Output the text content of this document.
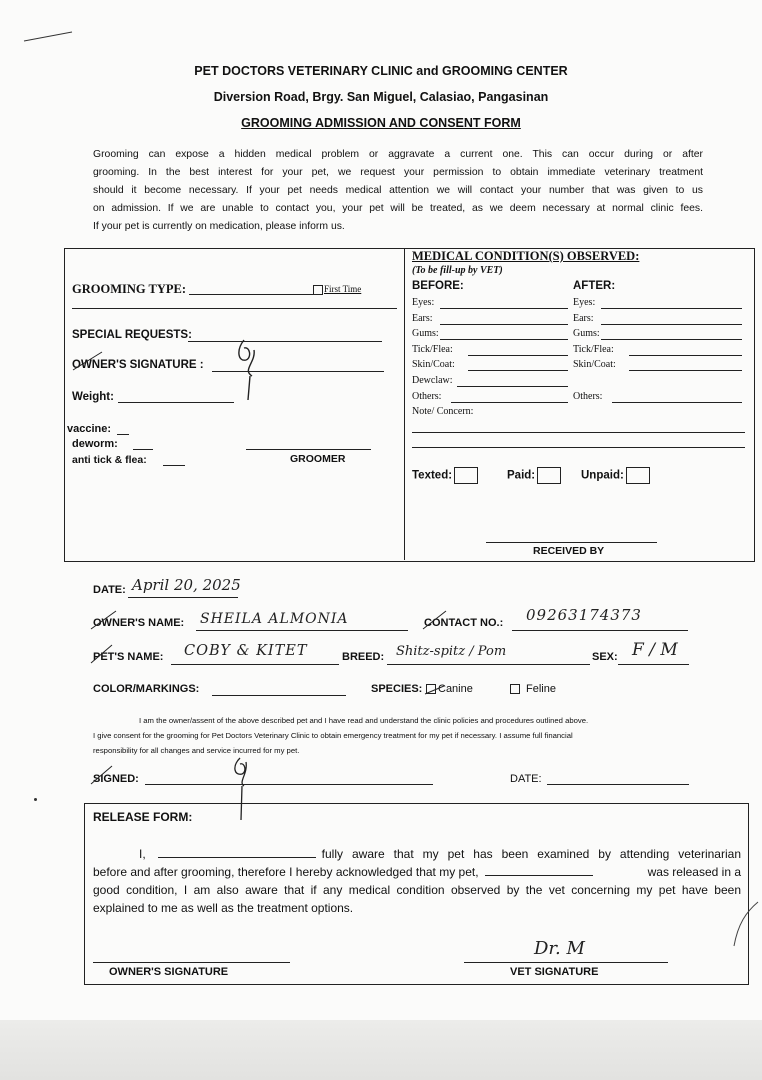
PET DOCTORS VETERINARY CLINIC and GROOMING CENTER
Diversion Road, Brgy. San Miguel, Calasiao, Pangasinan
GROOMING ADMISSION AND CONSENT FORM
Grooming can expose a hidden medical problem or aggravate a current one. This can occur during or after
grooming. In the best interest for your pet, we request your permission to obtain immediate veterinary treatment
should it become necessary. If your pet needs medical attention we will contact your number that was given to us
on admission. If we are unable to contact you, your pet will be treated, as we deem necessary at normal clinic fees.
If your pet is currently on medication, please inform us.
GROOMING TYPE:	First Time
SPECIAL REQUESTS:
OWNER'S SIGNATURE :
Weight:
vaccine:
deworm:
anti tick & flea:	GROOMER
MEDICAL CONDITION(S) OBSERVED:
(To be fill-up by VET)
BEFORE:	AFTER:
Eyes:	Eyes:
Ears:	Ears:
Gums:	Gums:
Tick/Flea:	Tick/Flea:
Skin/Coat:	Skin/Coat:
Dewclaw:
Others:	Others:
Note/ Concern:
Texted:	Paid:	Unpaid:
RECEIVED BY
DATE: April 20, 2025
OWNER'S NAME: SHEILA ALMONIA	CONTACT NO.: 09263174373
PET'S NAME: COBY & KITET	BREED: Shitz-spitz / Pom	SEX: F / M
COLOR/MARKINGS:	SPECIES:	Canine	Feline
I am the owner/assent of the above described pet and I have read and understand the clinic policies and procedures outlined above.
I give consent for the grooming for Pet Doctors Veterinary Clinic to obtain emergency treatment for my pet if necessary. I assume full financial
responsibility for all changes and service incurred for my pet.
SIGNED:	DATE:
RELEASE FORM:
I,	fully aware that my pet has been examined by attending veterinarian
before and after grooming, therefore I hereby acknowledged that my pet,	was released in a
good condition, I am also aware that if any medical condition observed by the vet concerning my pet have been
explained to me as well as the treatment options.
OWNER'S SIGNATURE
Dr. M
VET SIGNATURE
